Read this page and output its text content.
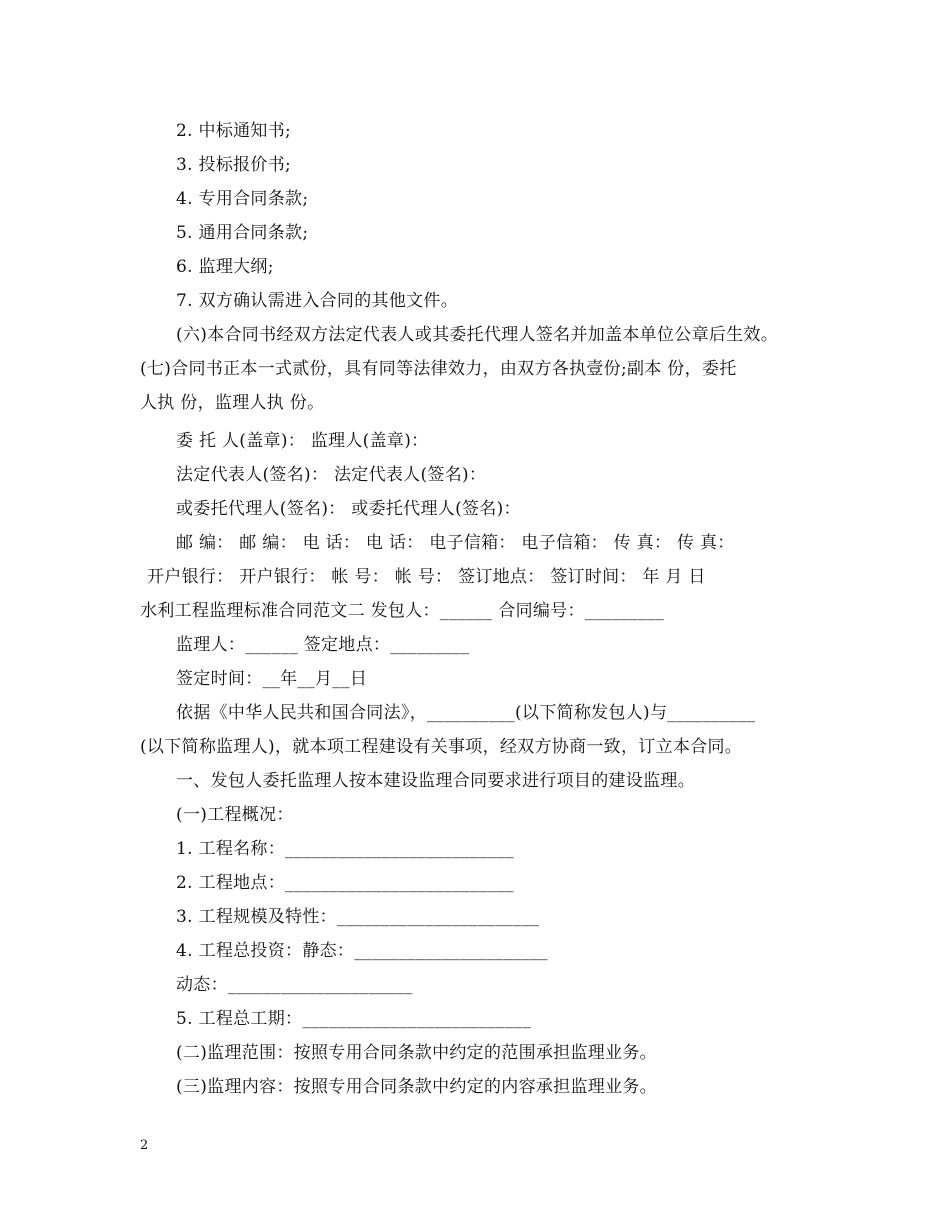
2. 中标通知书;
3. 投标报价书;
4. 专用合同条款;
5. 通用合同条款;
6. 监理大纲;
7. 双方确认需进入合同的其他文件。
(六)本合同书经双方法定代表人或其委托代理人签名并加盖本单位公章后生效。
(七)合同书正本一式贰份，具有同等法律效力，由双方各执壹份;副本 份，委托
人执 份，监理人执 份。
委 托 人(盖章)： 监理人(盖章)：
法定代表人(签名)： 法定代表人(签名)：
或委托代理人(签名)： 或委托代理人(签名)：
邮 编： 邮 编： 电 话： 电 话： 电子信箱： 电子信箱： 传 真： 传 真：
开户银行： 开户银行： 帐 号： 帐 号： 签订地点： 签订时间： 年 月 日
水利工程监理标准合同范文二 发包人：______ 合同编号：_________
监理人：______ 签定地点：_________
签定时间：__年__月__日
依据《中华人民共和国合同法》，__________(以下简称发包人)与__________
(以下简称监理人)，就本项工程建设有关事项，经双方协商一致，订立本合同。
一、发包人委托监理人按本建设监理合同要求进行项目的建设监理。
(一)工程概况：
1. 工程名称：__________________________
2. 工程地点：__________________________
3. 工程规模及特性：_______________________
4. 工程总投资：静态：______________________
动态：_____________________
5. 工程总工期：__________________________
(二)监理范围：按照专用合同条款中约定的范围承担监理业务。
(三)监理内容：按照专用合同条款中约定的内容承担监理业务。
2
